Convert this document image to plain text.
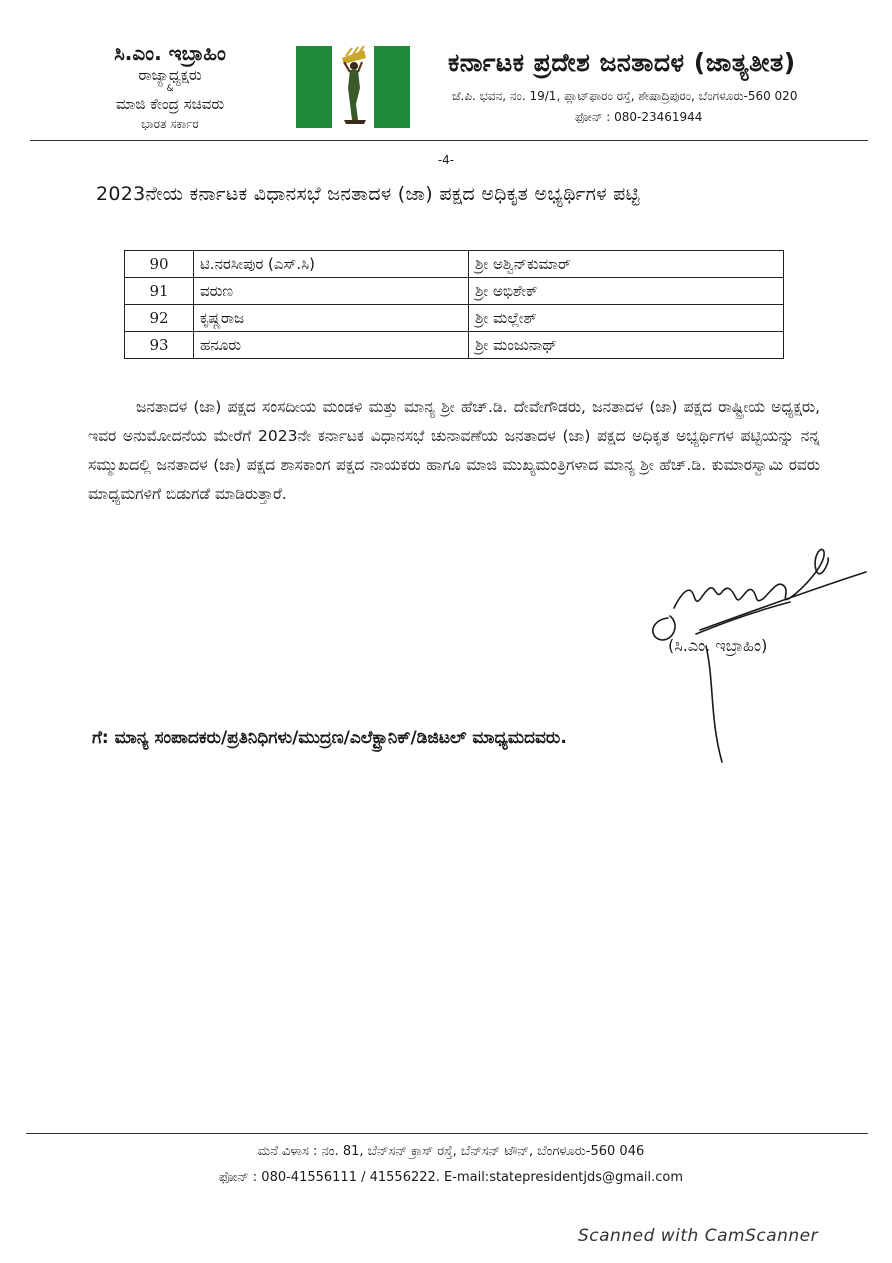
ಸಿ.ಎಂ. ಇಬ್ರಾಹಿಂ
ರಾಜ್ಯಾಧ್ಯಕ್ಷರು
&
ಮಾಜಿ ಕೇಂದ್ರ ಸಚಿವರು
ಭಾರತ ಸರ್ಕಾರ
ಕರ್ನಾಟಕ ಪ್ರದೇಶ ಜನತಾದಳ (ಜಾತ್ಯತೀತ)
ಜೆ.ಪಿ. ಭವನ, ನಂ. 19/1, ಪ್ಲಾಟ್‌ಫಾರಂ ರಸ್ತೆ, ಶೇಷಾದ್ರಿಪುರಂ, ಬೆಂಗಳೂರು-560 020
ಫೋನ್ : 080-23461944
-4-
2023ನೇಯ ಕರ್ನಾಟಕ ವಿಧಾನಸಭೆ ಜನತಾದಳ (ಜಾ) ಪಕ್ಷದ ಅಧಿಕೃತ ಅಭ್ಯರ್ಥಿಗಳ ಪಟ್ಟಿ
90	ಟಿ.ನರಸೀಪುರ (ಎಸ್.ಸಿ)	ಶ್ರೀ ಅಶ್ವಿನ್‌ಕುಮಾರ್
91	ವರುಣ	ಶ್ರೀ ಅಭಿಶೇಕ್
92	ಕೃಷ್ಣರಾಜ	ಶ್ರೀ ಮಲ್ಲೇಶ್
93	ಹನೂರು	ಶ್ರೀ ಮಂಜುನಾಥ್
ಜನತಾದಳ (ಜಾ) ಪಕ್ಷದ ಸಂಸದೀಯ ಮಂಡಳಿ ಮತ್ತು ಮಾನ್ಯ ಶ್ರೀ ಹೆಚ್.ಡಿ. ದೇವೇಗೌಡರು, ಜನತಾದಳ (ಜಾ) ಪಕ್ಷದ ರಾಷ್ಟ್ರೀಯ ಅಧ್ಯಕ್ಷರು, ಇವರ ಅನುಮೋದನೆಯ ಮೇರೆಗೆ 2023ನೇ ಕರ್ನಾಟಕ ವಿಧಾನಸಭೆ ಚುನಾವಣೆಯ ಜನತಾದಳ (ಜಾ) ಪಕ್ಷದ ಅಧಿಕೃತ ಅಭ್ಯರ್ಥಿಗಳ ಪಟ್ಟಿಯನ್ನು ನನ್ನ ಸಮ್ಮುಖದಲ್ಲಿ ಜನತಾದಳ (ಜಾ) ಪಕ್ಷದ ಶಾಸಕಾಂಗ ಪಕ್ಷದ ನಾಯಕರು ಹಾಗೂ ಮಾಜಿ ಮುಖ್ಯಮಂತ್ರಿಗಳಾದ ಮಾನ್ಯ ಶ್ರೀ ಹೆಚ್.ಡಿ. ಕುಮಾರಸ್ವಾಮಿ ರವರು ಮಾಧ್ಯಮಗಳಿಗೆ ಬಿಡುಗಡೆ ಮಾಡಿರುತ್ತಾರೆ.
(ಸಿ.ಎಂ. ಇಬ್ರಾಹಿಂ)
ಗೆ: ಮಾನ್ಯ ಸಂಪಾದಕರು/ಪ್ರತಿನಿಧಿಗಳು/ಮುದ್ರಣ/ಎಲೆಕ್ಟ್ರಾನಿಕ್/ಡಿಜಿಟಲ್ ಮಾಧ್ಯಮದವರು.
ಮನೆ ವಿಳಾಸ : ನಂ. 81, ಬೆನ್‌ಸನ್ ಕ್ರಾಸ್ ರಸ್ತೆ, ಬೆನ್‌ಸನ್ ಟೌನ್, ಬೆಂಗಳೂರು-560 046
ಫೋನ್ : 080-41556111 / 41556222. E-mail:statepresidentjds@gmail.com
Scanned with CamScanner
